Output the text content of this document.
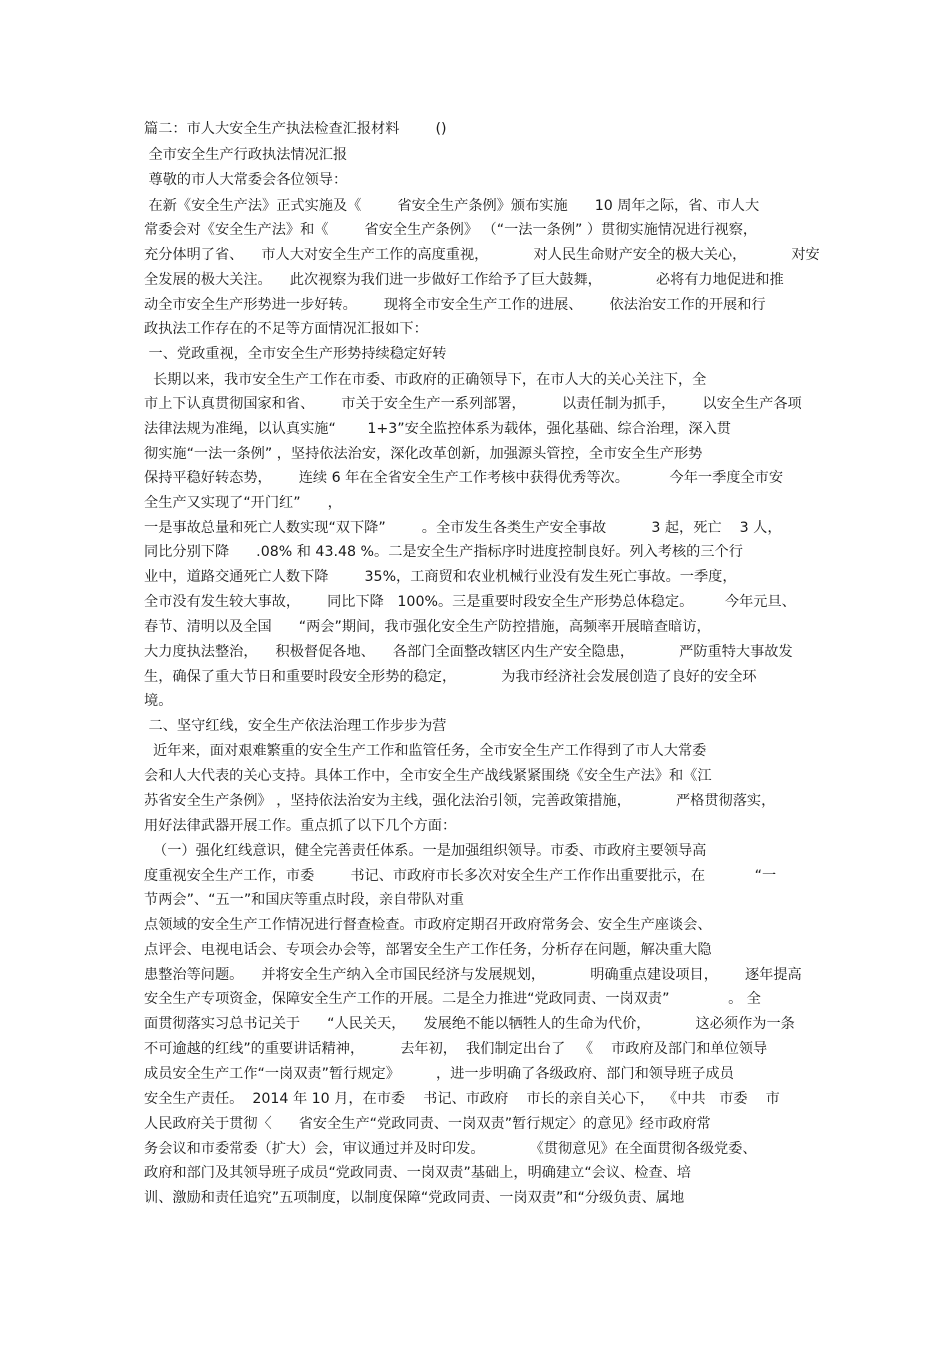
篇二：市人大安全生产执法检查汇报材料        ()
全市安全生产行政执法情况汇报
尊敬的市人大常委会各位领导：
在新《安全生产法》正式实施及《        省安全生产条例》颁布实施      10 周年之际，省、市人大
常委会对《安全生产法》和《        省安全生产条例》 （“一法一条例” ）贯彻实施情况进行视察，
充分体明了省、    市人大对安全生产工作的高度重视，          对人民生命财产安全的极大关心，          对安
全发展的极大关注。    此次视察为我们进一步做好工作给予了巨大鼓舞，            必将有力地促进和推
动全市安全生产形势进一步好转。      现将全市安全生产工作的进展、      依法治安工作的开展和行
政执法工作存在的不足等方面情况汇报如下：
一、党政重视，全市安全生产形势持续稳定好转
长期以来，我市安全生产工作在市委、市政府的正确领导下，在市人大的关心关注下，全
市上下认真贯彻国家和省、      市关于安全生产一系列部署，        以责任制为抓手，      以安全生产各项
法律法规为准绳，以认真实施“       1+3”安全监控体系为载体，强化基础、综合治理，深入贯
彻实施“一法一条例” ，坚持依法治安，深化改革创新，加强源头管控，全市安全生产形势
保持平稳好转态势，      连续 6 年在全省安全生产工作考核中获得优秀等次。         今年一季度全市安
全生产又实现了“开门红”      ，
一是事故总量和死亡人数实现“双下降”        。全市发生各类生产安全事故          3 起，死亡    3 人，
同比分别下降      .08% 和 43.48 %。二是安全生产指标序时进度控制良好。列入考核的三个行
业中，道路交通死亡人数下降        35%，工商贸和农业机械行业没有发生死亡事故。一季度，
全市没有发生较大事故，      同比下降   100%。三是重要时段安全生产形势总体稳定。       今年元旦、
春节、清明以及全国      “两会”期间，我市强化安全生产防控措施，高频率开展暗查暗访，
大力度执法整治，    积极督促各地、    各部门全面整改辖区内生产安全隐患，          严防重特大事故发
生，确保了重大节日和重要时段安全形势的稳定，          为我市经济社会发展创造了良好的安全环
境。
二、坚守红线，安全生产依法治理工作步步为营
近年来，面对艰难繁重的安全生产工作和监管任务，全市安全生产工作得到了市人大常委
会和人大代表的关心支持。具体工作中，全市安全生产战线紧紧围绕《安全生产法》和《江
苏省安全生产条例》 ，坚持依法治安为主线，强化法治引领，完善政策措施，          严格贯彻落实，
用好法律武器开展工作。重点抓了以下几个方面：
（一）强化红线意识，健全完善责任体系。一是加强组织领导。市委、市政府主要领导高
度重视安全生产工作，市委        书记、市政府市长多次对安全生产工作作出重要批示，在           “一
节两会”、“五一”和国庆等重点时段，亲自带队对重
点领域的安全生产工作情况进行督查检查。市政府定期召开政府常务会、安全生产座谈会、
点评会、电视电话会、专项会办会等，部署安全生产工作任务，分析存在问题，解决重大隐
患整治等问题。    并将安全生产纳入全市国民经济与发展规划，          明确重点建设项目，      逐年提高
安全生产专项资金，保障安全生产工作的开展。二是全力推进“党政同责、一岗双责”             。 全
面贯彻落实习总书记关于      “人民关天，    发展绝不能以牺牲人的生命为代价，          这必须作为一条
不可逾越的红线”的重要讲话精神，        去年初，  我们制定出台了   《    市政府及部门和单位领导
成员安全生产工作“一岗双责”暂行规定》        ，进一步明确了各级政府、部门和领导班子成员
安全生产责任。  2014 年 10 月，在市委    书记、市政府    市长的亲自关心下，  《中共   市委    市
人民政府关于贯彻〈      省安全生产“党政同责、一岗双责”暂行规定〉的意见》经市政府常
务会议和市委常委（扩大）会，审议通过并及时印发。          《贯彻意见》在全面贯彻各级党委、
政府和部门及其领导班子成员“党政同责、一岗双责”基础上，明确建立“会议、检查、培
训、激励和责任追究”五项制度，以制度保障“党政同责、一岗双责”和“分级负责、属地
